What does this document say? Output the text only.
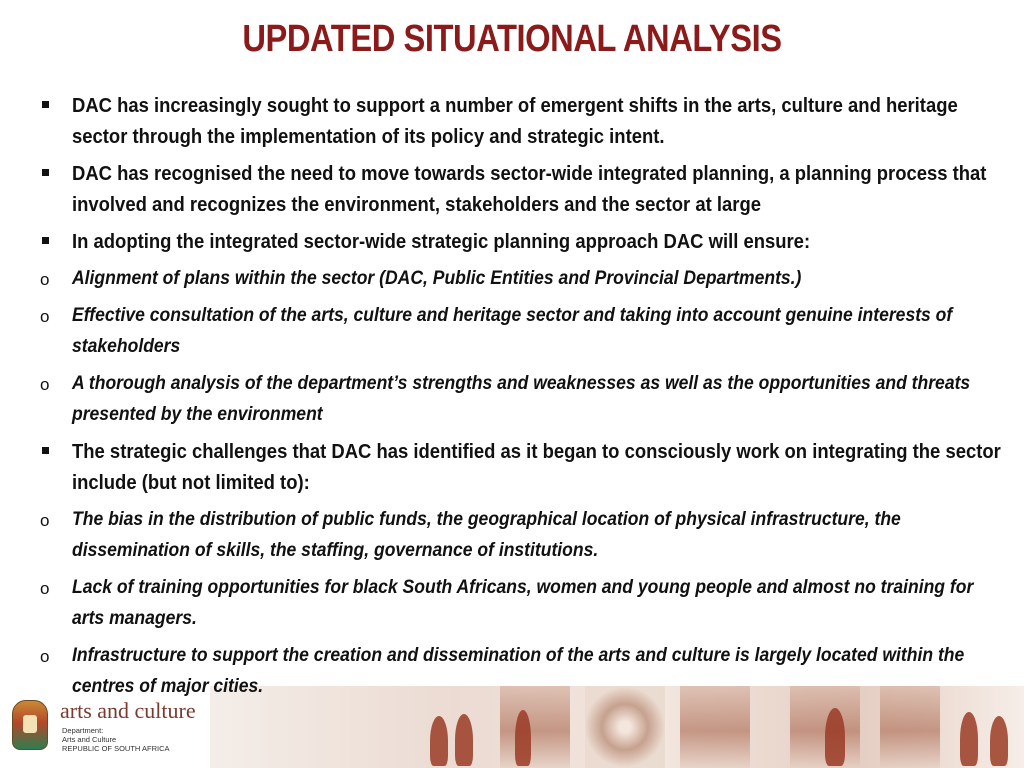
UPDATED SITUATIONAL ANALYSIS
arts and culture
Department:
Arts and Culture
REPUBLIC OF SOUTH AFRICA
DAC has increasingly sought to support a number of emergent shifts in the arts, culture and heritage sector through the implementation of its policy and strategic intent.
DAC has recognised the need to move towards sector-wide integrated planning, a planning process that involved and recognizes the environment, stakeholders and the sector at large
In adopting the integrated sector-wide strategic planning approach DAC will ensure:
o	Alignment of plans within the sector (DAC, Public Entities and Provincial Departments.)
o	Effective consultation of the arts, culture and heritage sector and taking into account genuine interests of stakeholders
o	A thorough analysis of the department’s strengths and weaknesses as well as the opportunities and threats presented by the environment
The strategic challenges that DAC has identified as it began to consciously work on integrating the sector include (but not limited to):
o	The bias in the distribution of public funds, the geographical location of physical infrastructure, the dissemination of skills, the staffing, governance of institutions.
o	Lack of training opportunities for black South Africans, women and young people and almost no training for arts managers.
o	Infrastructure to support the creation and dissemination of the arts and culture is largely located within the centres of major cities.
